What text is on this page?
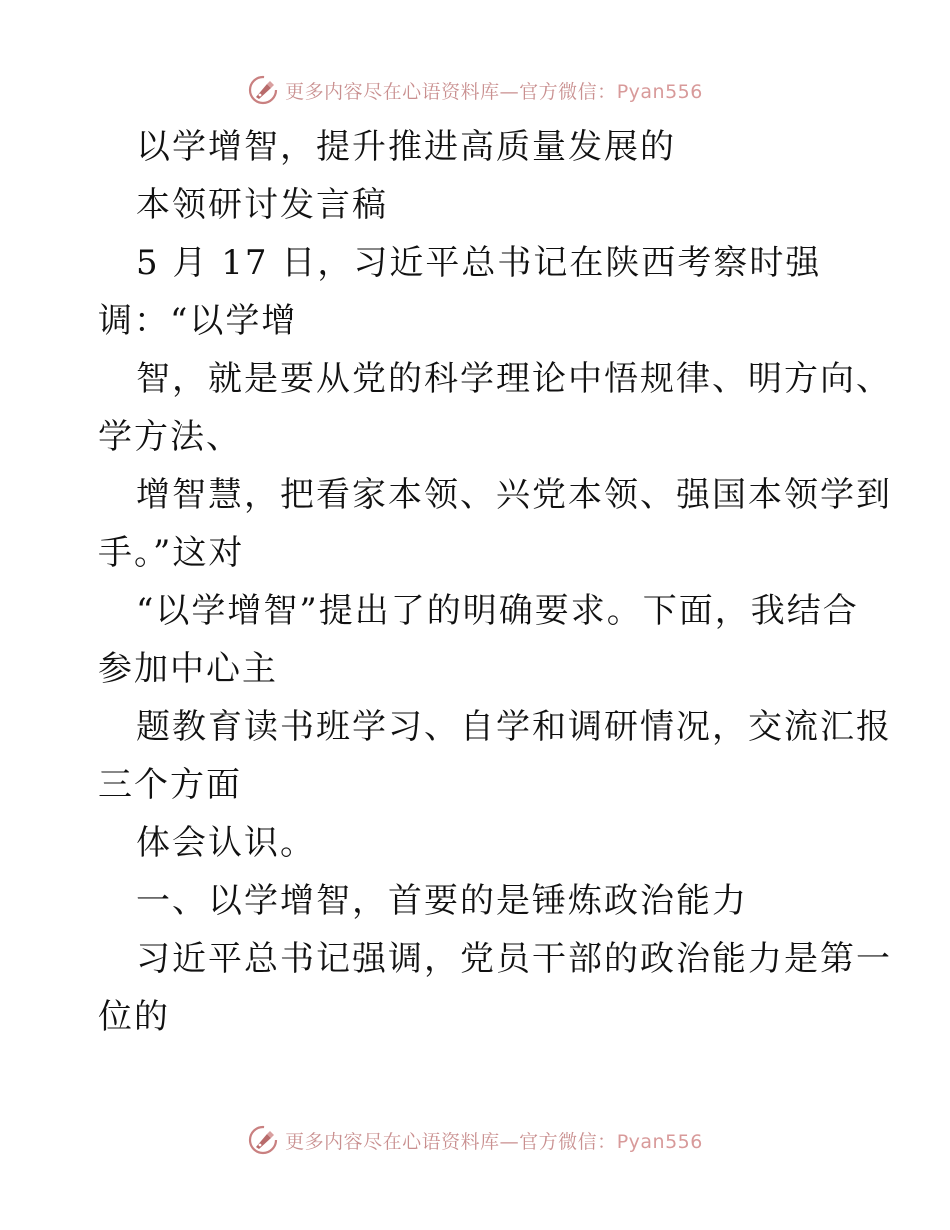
更多内容尽在心语资料库—官方微信：Pyan556
以学增智，提升推进高质量发展的
本领研讨发言稿
5 月 17 日，习近平总书记在陕西考察时强
调：“以学增
智，就是要从党的科学理论中悟规律、明方向、
学方法、
增智慧，把看家本领、兴党本领、强国本领学到
手。”这对
“以学增智”提出了的明确要求。下面，我结合
参加中心主
题教育读书班学习、自学和调研情况，交流汇报
三个方面
体会认识。
一、以学增智，首要的是锤炼政治能力
习近平总书记强调，党员干部的政治能力是第一
位的
更多内容尽在心语资料库—官方微信：Pyan556
